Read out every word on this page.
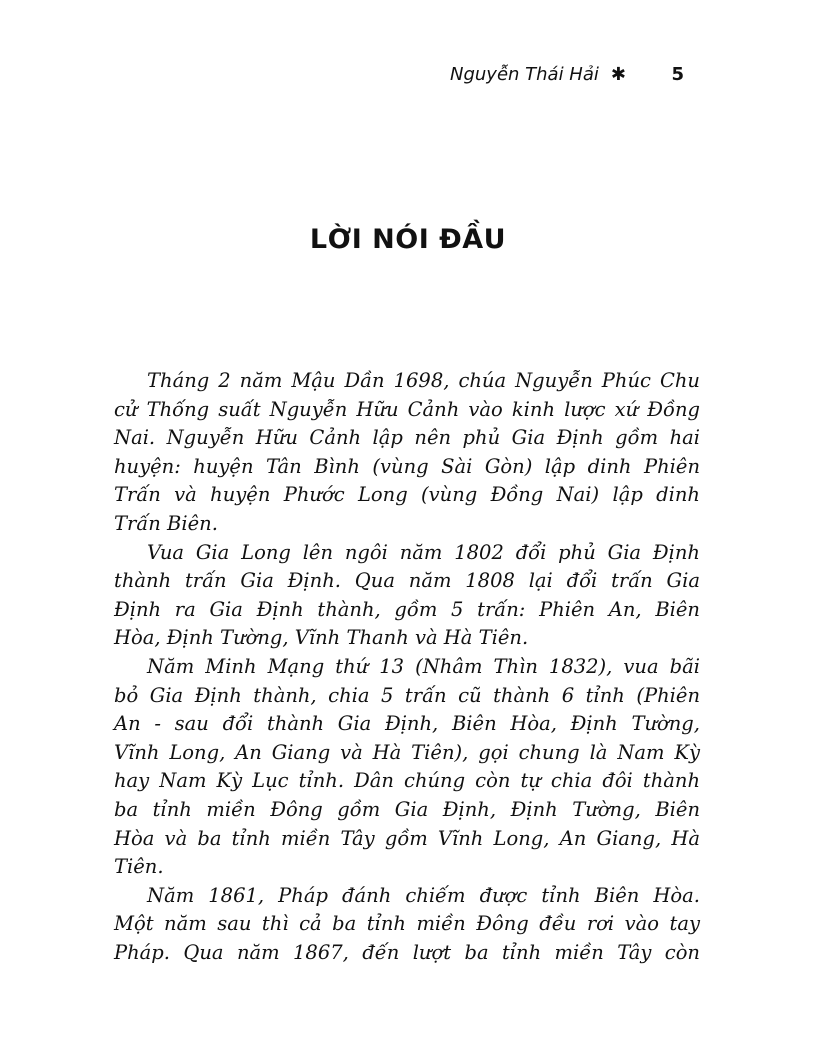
Nguyễn Thái Hải ✱	5
LỜI NÓI ĐẦU
Tháng 2 năm Mậu Dần 1698, chúa Nguyễn Phúc Chu
cử Thống suất Nguyễn Hữu Cảnh vào kinh lược xứ Đồng
Nai. Nguyễn Hữu Cảnh lập nên phủ Gia Định gồm hai
huyện: huyện Tân Bình (vùng Sài Gòn) lập dinh Phiên
Trấn và huyện Phước Long (vùng Đồng Nai) lập dinh
Trấn Biên.
Vua Gia Long lên ngôi năm 1802 đổi phủ Gia Định
thành trấn Gia Định. Qua năm 1808 lại đổi trấn Gia
Định ra Gia Định thành, gồm 5 trấn: Phiên An, Biên
Hòa, Định Tường, Vĩnh Thanh và Hà Tiên.
Năm Minh Mạng thứ 13 (Nhâm Thìn 1832), vua bãi
bỏ Gia Định thành, chia 5 trấn cũ thành 6 tỉnh (Phiên
An - sau đổi thành Gia Định, Biên Hòa, Định Tường,
Vĩnh Long, An Giang và Hà Tiên), gọi chung là Nam Kỳ
hay Nam Kỳ Lục tỉnh. Dân chúng còn tự chia đôi thành
ba tỉnh miền Đông gồm Gia Định, Định Tường, Biên
Hòa và ba tỉnh miền Tây gồm Vĩnh Long, An Giang, Hà
Tiên.
Năm 1861, Pháp đánh chiếm được tỉnh Biên Hòa.
Một năm sau thì cả ba tỉnh miền Đông đều rơi vào tay
Pháp. Qua năm 1867, đến lượt ba tỉnh miền Tây còn
